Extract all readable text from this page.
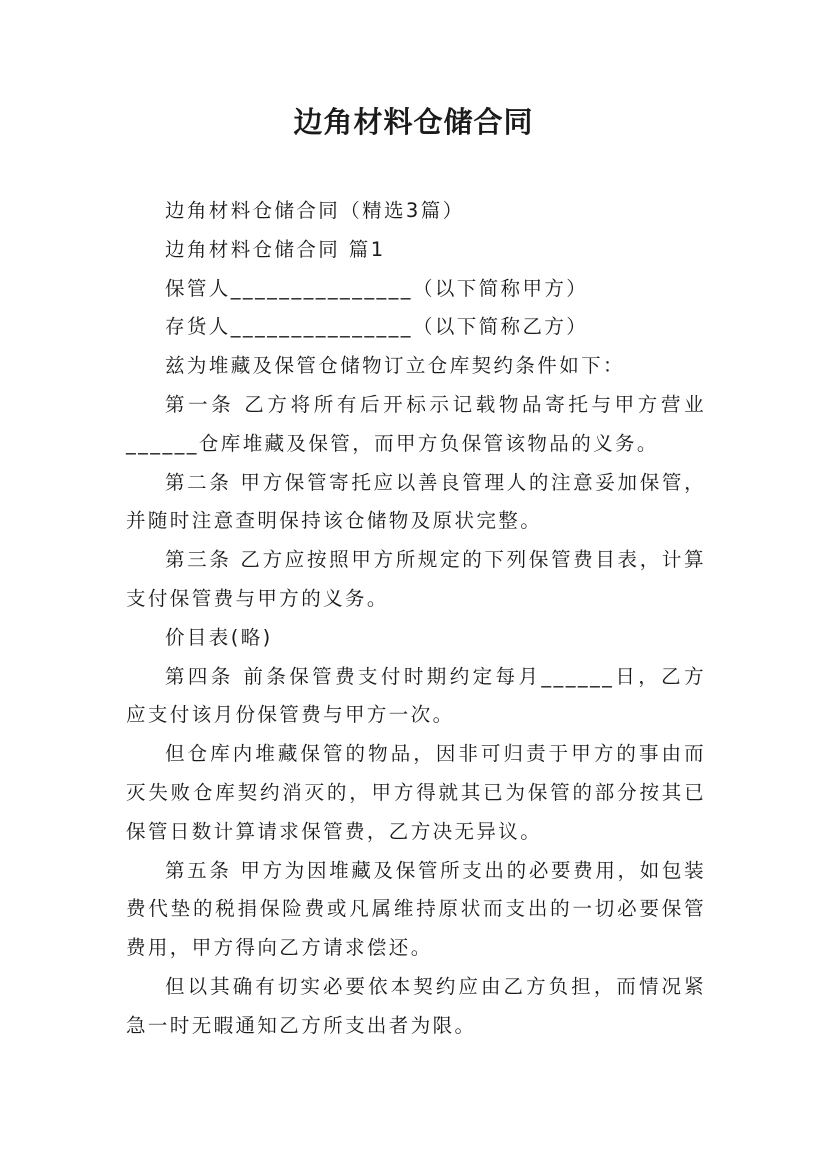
边角材料仓储合同

边角材料仓储合同（精选3篇）

边角材料仓储合同 篇1

保管人_______________（以下简称甲方）

存货人_______________（以下简称乙方）

兹为堆藏及保管仓储物订立仓库契约条件如下：

第一条 乙方将所有后开标示记载物品寄托与甲方营业______仓库堆藏及保管，而甲方负保管该物品的义务。

第二条 甲方保管寄托应以善良管理人的注意妥加保管，并随时注意查明保持该仓储物及原状完整。

第三条 乙方应按照甲方所规定的下列保管费目表，计算支付保管费与甲方的义务。

价目表(略)

第四条 前条保管费支付时期约定每月______日，乙方应支付该月份保管费与甲方一次。

但仓库内堆藏保管的物品，因非可归责于甲方的事由而灭失败仓库契约消灭的，甲方得就其已为保管的部分按其已保管日数计算请求保管费，乙方决无异议。

第五条 甲方为因堆藏及保管所支出的必要费用，如包装费代垫的税捐保险费或凡属维持原状而支出的一切必要保管费用，甲方得向乙方请求偿还。

但以其确有切实必要依本契约应由乙方负担，而情况紧急一时无暇通知乙方所支出者为限。
